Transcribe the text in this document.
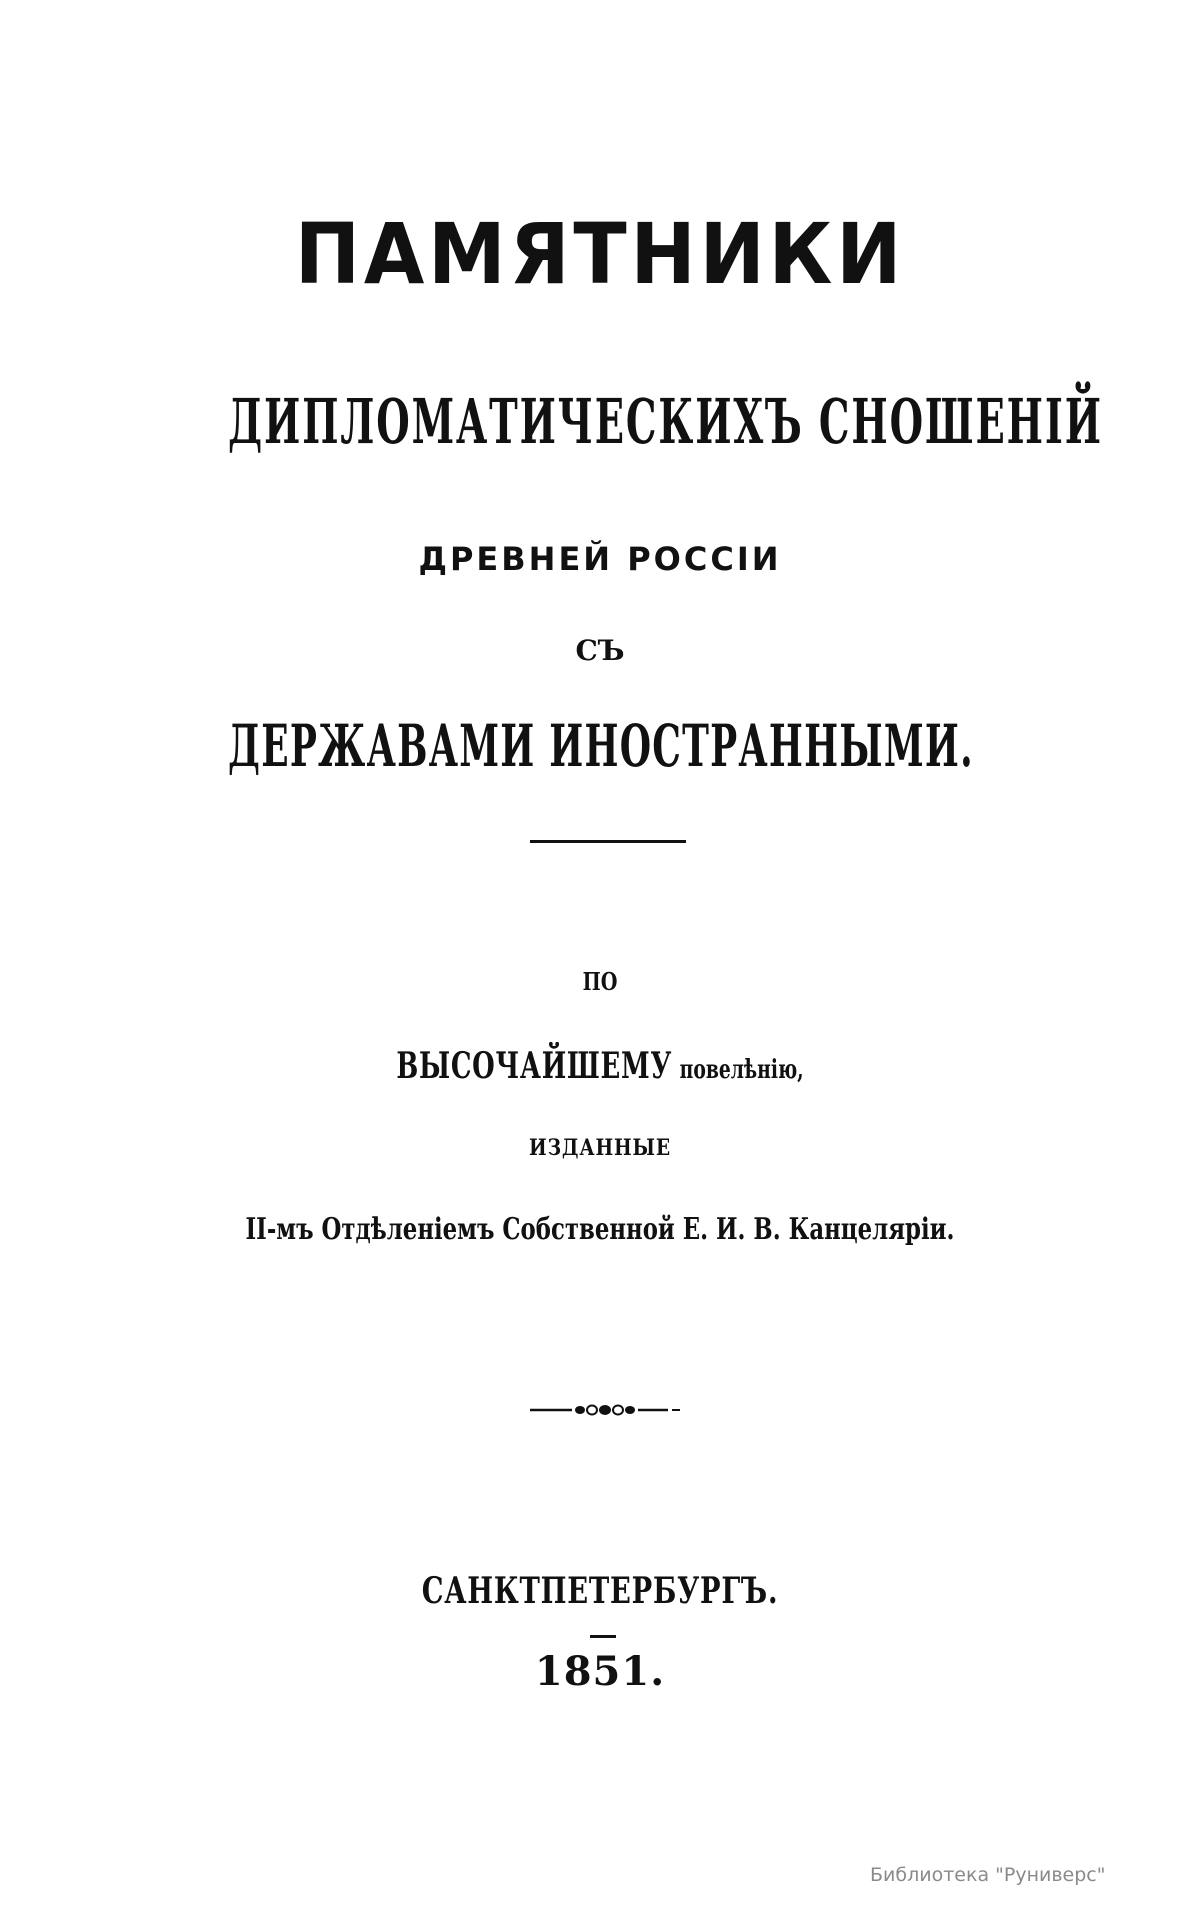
ПАМЯТНИКИ
ДИПЛОМАТИЧЕСКИХЪ СНОШЕНІЙ
ДРЕВНЕЙ РОССІИ
СЪ
ДЕРЖАВАМИ ИНОСТРАННЫМИ.
ПО
ВЫСОЧАЙШЕМУ повелѣнію,
ИЗДАННЫЕ
II-мъ Отдѣленіемъ Собственной Е. И. В. Канцеляріи.
САНКТПЕТЕРБУРГЪ.
1851.
Библиотека "Руниверс"
